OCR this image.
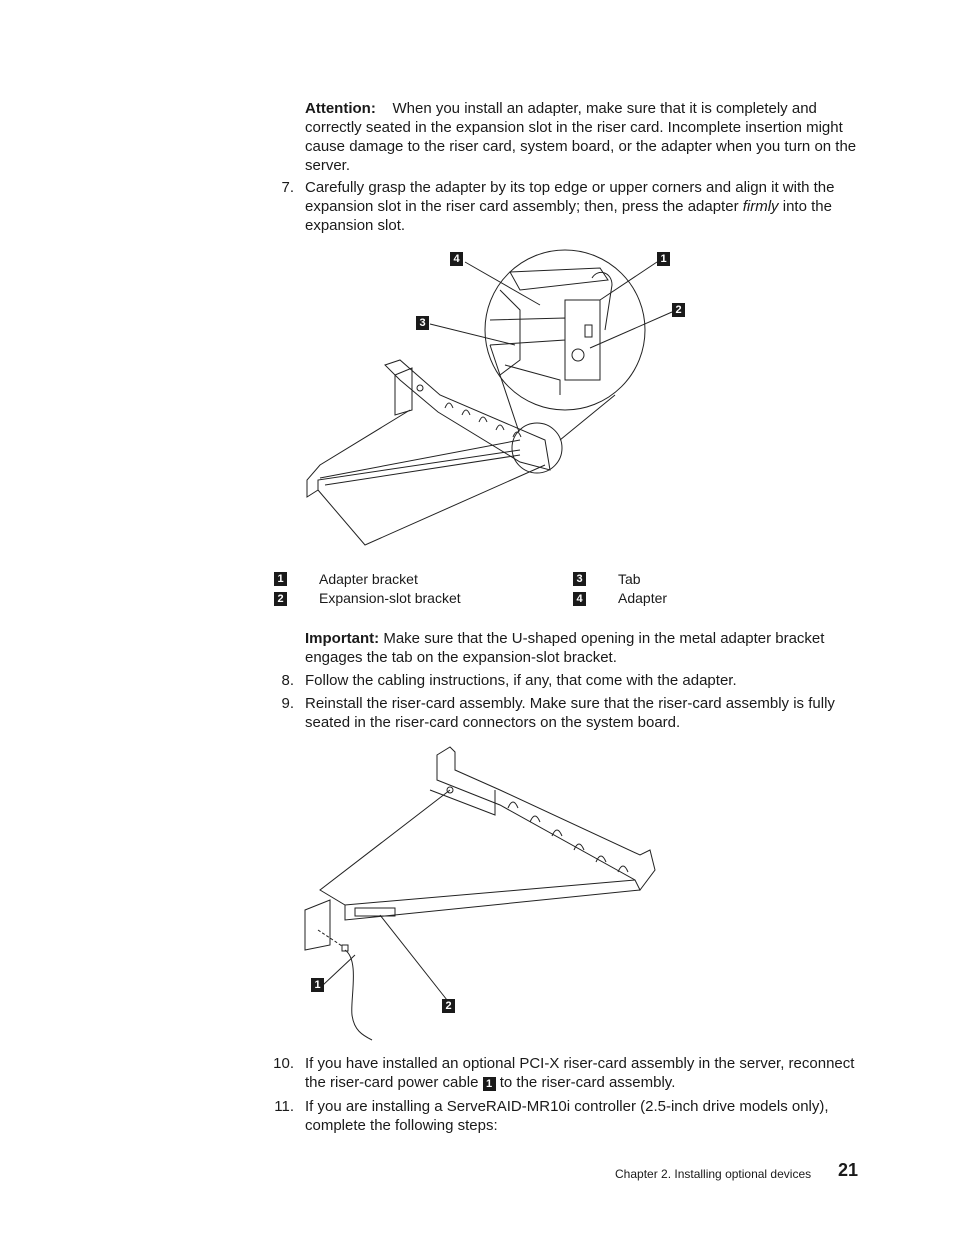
Attention: When you install an adapter, make sure that it is completely and correctly seated in the expansion slot in the riser card. Incomplete insertion might cause damage to the riser card, system board, or the adapter when you turn on the server.
7. Carefully grasp the adapter by its top edge or upper corners and align it with the expansion slot in the riser card assembly; then, press the adapter firmly into the expansion slot.
4	1
3
2
1	Adapter bracket
2	Expansion-slot bracket
3	Tab
4	Adapter
Important: Make sure that the U-shaped opening in the metal adapter bracket engages the tab on the expansion-slot bracket.
8. Follow the cabling instructions, if any, that come with the adapter.
9. Reinstall the riser-card assembly. Make sure that the riser-card assembly is fully seated in the riser-card connectors on the system board.
1
2
10. If you have installed an optional PCI-X riser-card assembly in the server, reconnect the riser-card power cable 1 to the riser-card assembly.
11. If you are installing a ServeRAID-MR10i controller (2.5-inch drive models only), complete the following steps:
Chapter 2. Installing optional devices 21
